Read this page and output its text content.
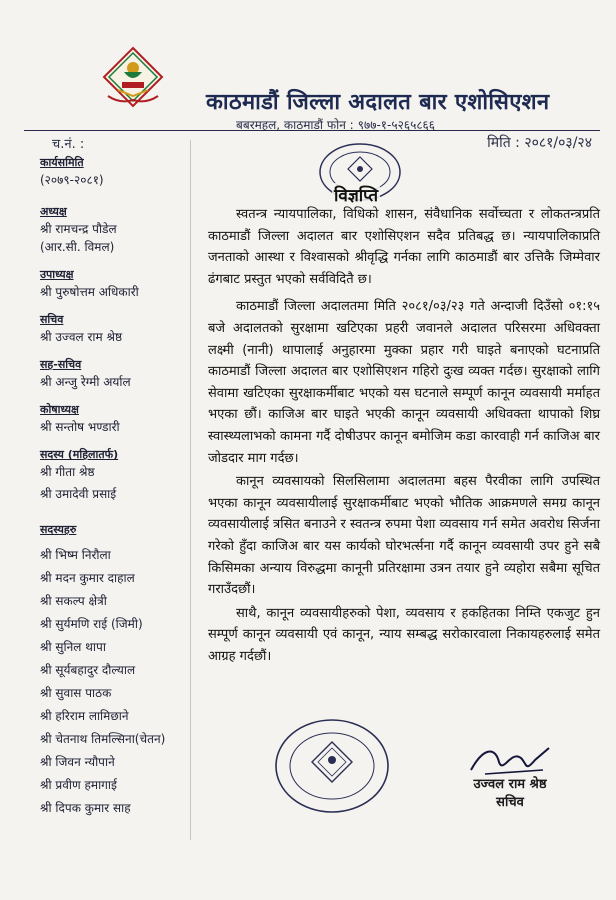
काठमाडौं जिल्ला अदालत बार एशोसिएशन
बबरमहल, काठमाडौं फोन : ९७७-१-५२६५८६६
च.नं. :	मिति : २०८१/०३/२४
विज्ञप्ति
कार्यसमिति
(२०७९-२०८१)
अध्यक्ष
श्री रामचन्द्र पौडेल
(आर.सी. विमल)
उपाध्यक्ष
श्री पुरुषोत्तम अधिकारी
सचिव
श्री उज्वल राम श्रेष्ठ
सह-सचिव
श्री अन्जु रेग्मी अर्याल
कोषाध्यक्ष
श्री सन्तोष भण्डारी
सदस्य (महिलातर्फ)
श्री गीता श्रेष्ठ
श्री उमादेवी प्रसाई
सदस्यहरु
श्री भिष्म निरौला
श्री मदन कुमार दाहाल
श्री सकल्प क्षेत्री
श्री सुर्यमणि राई (जिमी)
श्री सुनिल थापा
श्री सूर्यबहादुर दौल्याल
श्री सुवास पाठक
श्री हरिराम लामिछाने
श्री चेतनाथ तिमल्सिना(चेतन)
श्री जिवन न्यौपाने
श्री प्रवीण हमागाई
श्री दिपक कुमार साह

स्वतन्त्र न्यायपालिका, विधिको शासन, संवैधानिक सर्वोच्चता र लोकतन्त्रप्रति काठमाडौं जिल्ला अदालत बार एशोसिएशन सदैव प्रतिबद्ध छ। न्यायपालिकाप्रति जनताको आस्था र विश्वासको श्रीवृद्धि गर्नका लागि काठमाडौं बार उत्तिकै जिम्मेवार ढंगबाट प्रस्तुत भएको सर्वविदितै छ।

काठमाडौं जिल्ला अदालतमा मिति २०८१/०३/२३ गते अन्दाजी दिउँसो ०१:१५ बजे अदालतको सुरक्षामा खटिएका प्रहरी जवानले अदालत परिसरमा अधिवक्ता लक्ष्मी (नानी) थापालाई अनुहारमा मुक्का प्रहार गरी घाइते बनाएको घटनाप्रति काठमाडौं जिल्ला अदालत बार एशोसिएशन गहिरो दुःख व्यक्त गर्दछ। सुरक्षाको लागि सेवामा खटिएका सुरक्षाकर्मीबाट भएको यस घटनाले सम्पूर्ण कानून व्यवसायी मर्माहत भएका छौं। काजिअ बार घाइते भएकी कानून व्यवसायी अधिवक्ता थापाको शिघ्र स्वास्थ्यलाभको कामना गर्दै दोषीउपर कानून बमोजिम कडा कारवाही गर्न काजिअ बार जोडदार माग गर्दछ।

कानून व्यवसायको सिलसिलामा अदालतमा बहस पैरवीका लागि उपस्थित भएका कानून व्यवसायीलाई सुरक्षाकर्मीबाट भएको भौतिक आक्रमणले समग्र कानून व्यवसायीलाई त्रसित बनाउने र स्वतन्त्र रुपमा पेशा व्यवसाय गर्न समेत अवरोध सिर्जना गरेको हुँदा काजिअ बार यस कार्यको घोरभर्त्सना गर्दै कानून व्यवसायी उपर हुने सबै किसिमका अन्याय विरुद्धमा कानूनी प्रतिरक्षामा उत्रन तयार हुने व्यहोरा सबैमा सूचित गराउँदछौं।

साथै, कानून व्यवसायीहरुको पेशा, व्यवसाय र हकहितका निम्ति एकजुट हुन सम्पूर्ण कानून व्यवसायी एवं कानून, न्याय सम्बद्ध सरोकारवाला निकायहरुलाई समेत आग्रह गर्दछौं।

उज्वल राम श्रेष्ठ
सचिव
